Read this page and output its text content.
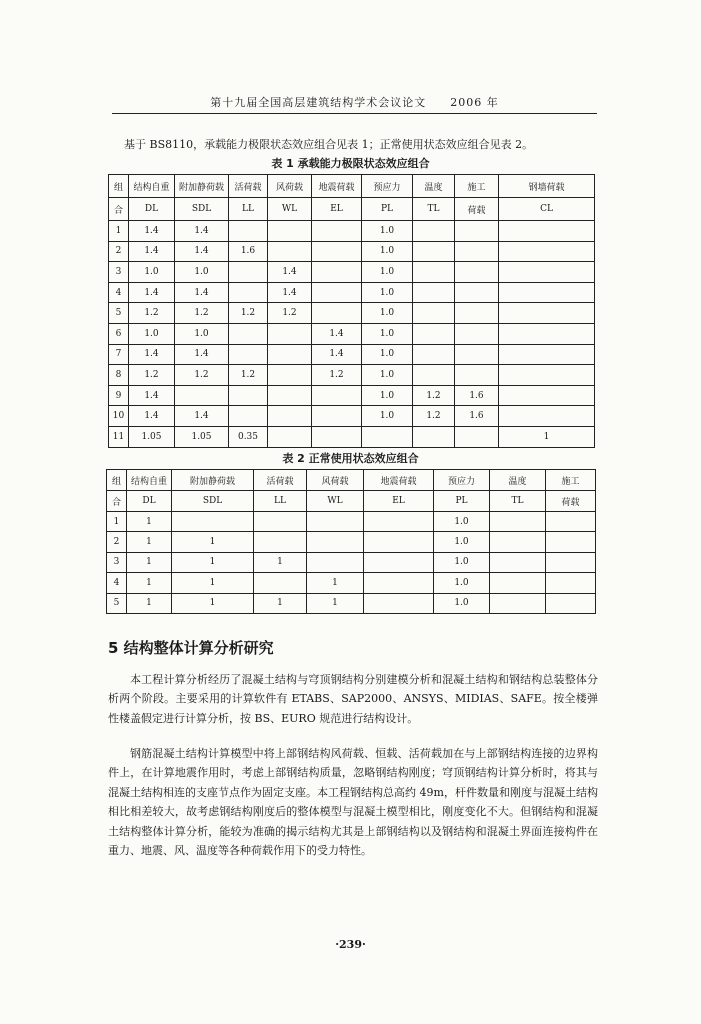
第十九届全国高层建筑结构学术会议论文　　2006 年
基于 BS8110，承载能力极限状态效应组合见表 1；正常使用状态效应组合见表 2。
表 1 承载能力极限状态效应组合
组	结构自重	附加静荷载	活荷载	风荷载	地震荷载	预应力	温度	施工	钢墙荷载
合	DL	SDL	LL	WL	EL	PL	TL	荷载	CL
1	1.4	1.4				1.0			
2	1.4	1.4	1.6			1.0			
3	1.0	1.0		1.4		1.0			
4	1.4	1.4		1.4		1.0			
5	1.2	1.2	1.2	1.2		1.0			
6	1.0	1.0			1.4	1.0			
7	1.4	1.4			1.4	1.0			
8	1.2	1.2	1.2		1.2	1.0			
9	1.4					1.0	1.2	1.6	
10	1.4	1.4				1.0	1.2	1.6	
11	1.05	1.05	0.35						1
表 2 正常使用状态效应组合
组	结构自重	附加静荷载	活荷载	风荷载	地震荷载	预应力	温度	施工
合	DL	SDL	LL	WL	EL	PL	TL	荷载
1	1					1.0		
2	1	1				1.0		
3	1	1	1			1.0		
4	1	1		1		1.0		
5	1	1	1	1		1.0		
5 结构整体计算分析研究

本工程计算分析经历了混凝土结构与穹顶钢结构分别建模分析和混凝土结构和钢结构总装整体分析两个阶段。主要采用的计算软件有 ETABS、SAP2000、ANSYS、MIDIAS、SAFE。按全楼弹性楼盖假定进行计算分析，按 BS、EURO 规范进行结构设计。

钢筋混凝土结构计算模型中将上部钢结构风荷载、恒载、活荷载加在与上部钢结构连接的边界构件上，在计算地震作用时，考虑上部钢结构质量，忽略钢结构刚度；穹顶钢结构计算分析时，将其与混凝土结构相连的支座节点作为固定支座。本工程钢结构总高约 49m，杆件数量和刚度与混凝土结构相比相差较大，故考虑钢结构刚度后的整体模型与混凝土模型相比，刚度变化不大。但钢结构和混凝土结构整体计算分析，能较为准确的揭示结构尤其是上部钢结构以及钢结构和混凝土界面连接构件在重力、地震、风、温度等各种荷载作用下的受力特性。

·239·
